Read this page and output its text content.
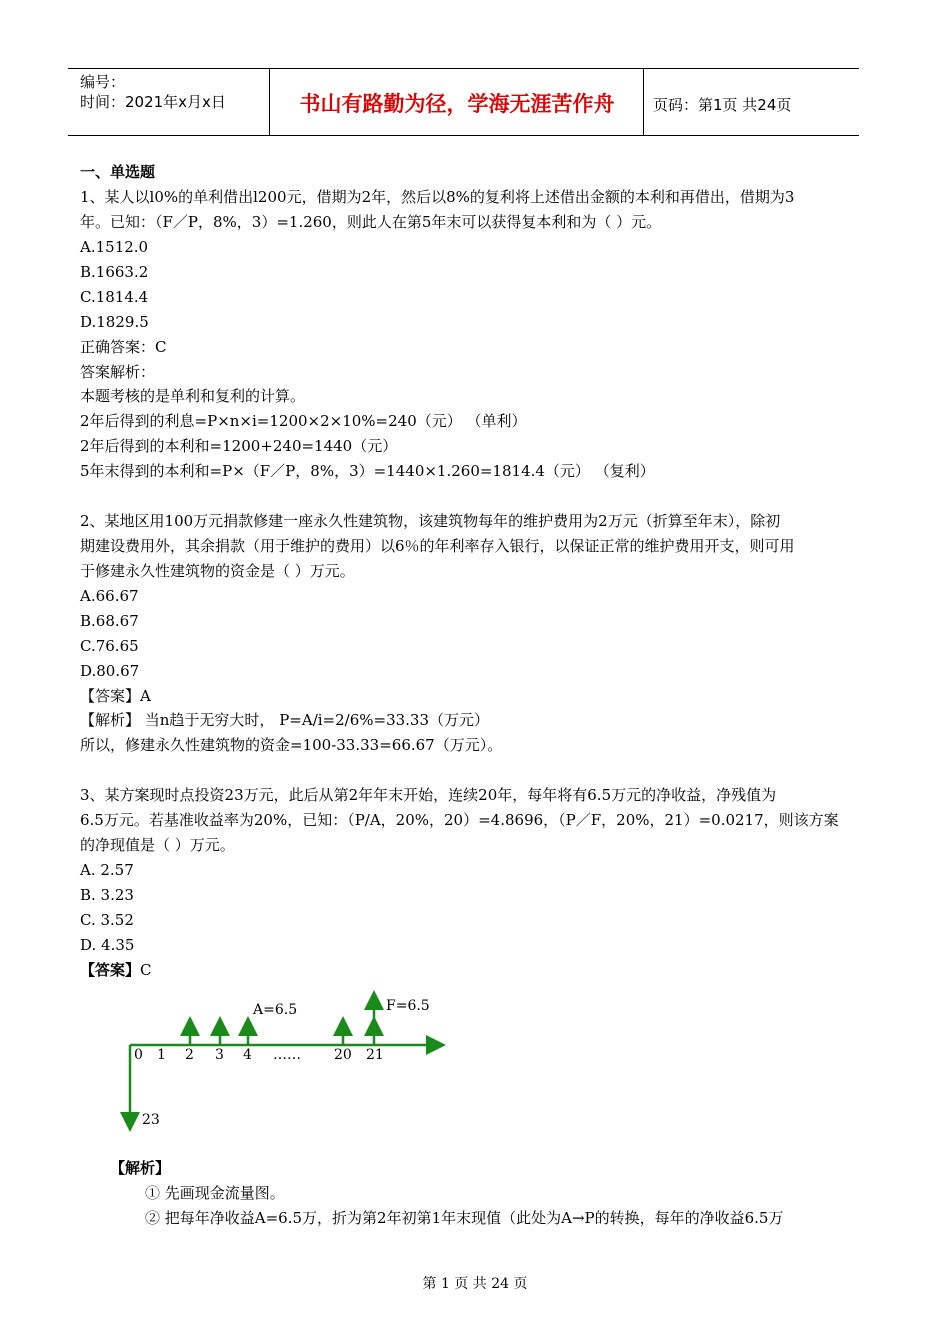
编号：
时间：2021年x月x日	书山有路勤为径，学海无涯苦作舟	页码：第1页 共24页
一、单选题
1、某人以l0%的单利借出l200元，借期为2年，然后以8%的复利将上述借出金额的本利和再借出，借期为3
年。已知：（F／P，8%，3）=1.260，则此人在第5年末可以获得复本利和为（ ）元。
A.1512.0
B.1663.2
C.1814.4
D.1829.5
正确答案：C
答案解析：
本题考核的是单利和复利的计算。
2年后得到的利息=P×n×i=1200×2×10%=240（元） （单利）
2年后得到的本利和=1200+240=1440（元）
5年末得到的本利和=P×（F／P，8%，3）=1440×1.260=1814.4（元） （复利）
2、某地区用100万元捐款修建一座永久性建筑物，该建筑物每年的维护费用为2万元（折算至年末），除初
期建设费用外，其余捐款（用于维护的费用）以6％的年利率存入银行，以保证正常的维护费用开支，则可用
于修建永久性建筑物的资金是（ ）万元。
A.66.67
B.68.67
C.76.65
D.80.67
【答案】A
【解析】 当n趋于无穷大时， P=A/i=2/6%=33.33（万元）
所以，修建永久性建筑物的资金=100-33.33=66.67（万元）。
3、某方案现时点投资23万元，此后从第2年年末开始，连续20年，每年将有6.5万元的净收益，净残值为
6.5万元。若基准收益率为20%，已知：（P/A，20%，20）=4.8696，（P／F，20%，21）=0.0217，则该方案
的净现值是（ ）万元。
A. 2.57
B. 3.23
C. 3.52
D. 4.35
【答案】C
A=6.5	F=6.5
0 1 2 3 4 …… 20 21
23
【解析】
① 先画现金流量图。
② 把每年净收益A=6.5万，折为第2年初第1年末现值（此处为A→P的转换，每年的净收益6.5万
第 1 页 共 24 页
